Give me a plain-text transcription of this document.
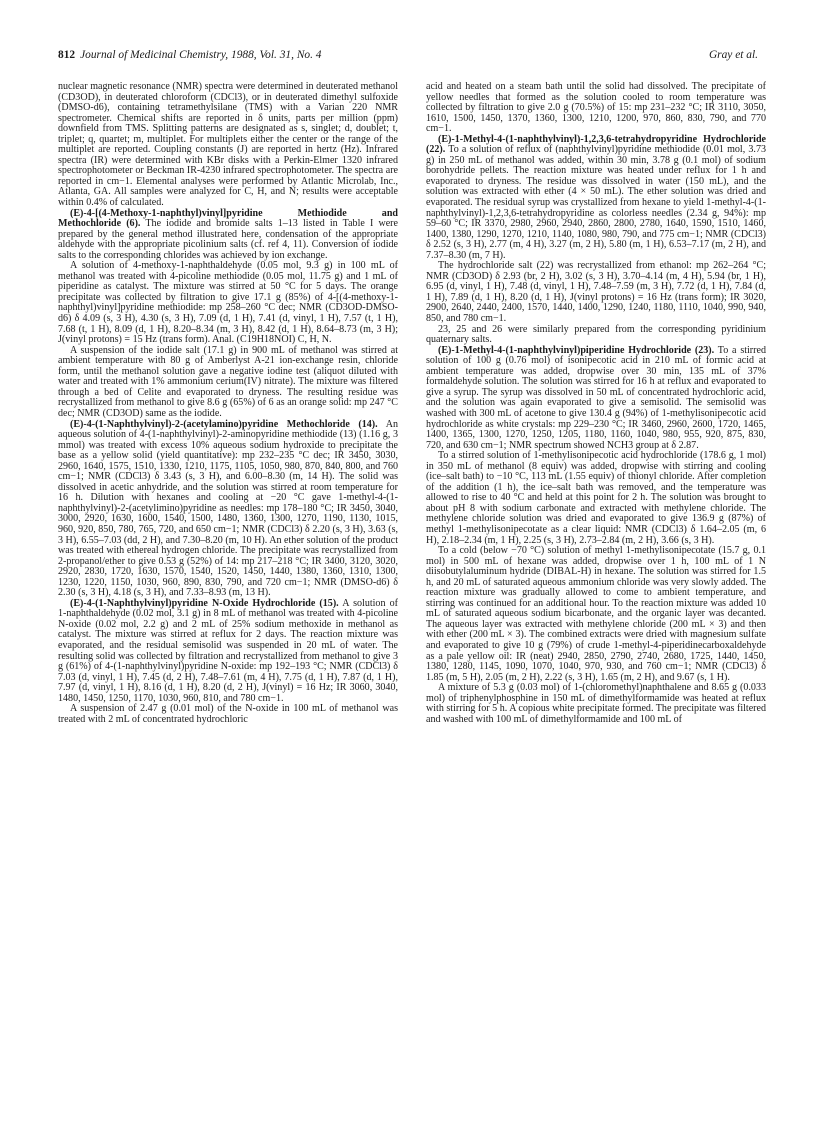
812 Journal of Medicinal Chemistry, 1988, Vol. 31, No. 4	Gray et al.

nuclear magnetic resonance (NMR) spectra were determined in deuterated methanol (CD3OD), in deuterated chloroform (CDCl3), or in deuterated dimethyl sulfoxide (DMSO-d6), containing tetramethylsilane (TMS) with a Varian 220 NMR spectrometer. Chemical shifts are reported in δ units, parts per million (ppm) downfield from TMS. Splitting patterns are designated as s, singlet; d, doublet; t, triplet; q, quartet; m, multiplet. For multiplets either the center or the range of the multiplet are reported. Coupling constants (J) are reported in hertz (Hz). Infrared spectra (IR) were determined with KBr disks with a Perkin-Elmer 1320 infrared spectrophotometer or Beckman IR-4230 infrared spectrophotometer. The spectra are reported in cm−1. Elemental analyses were performed by Atlantic Microlab, Inc., Atlanta, GA. All samples were analyzed for C, H, and N; results were acceptable within 0.4% of calculated.

(E)-4-[(4-Methoxy-1-naphthyl)vinyl]pyridine Methiodide and Methochloride (6). The iodide and bromide salts 1–13 listed in Table I were prepared by the general method illustrated here, condensation of the appropriate aldehyde with the appropriate picolinium salts (cf. ref 4, 11). Conversion of iodide salts to the corresponding chlorides was achieved by ion exchange.

A solution of 4-methoxy-1-naphthaldehyde (0.05 mol, 9.3 g) in 100 mL of methanol was treated with 4-picoline methiodide (0.05 mol, 11.75 g) and 1 mL of piperidine as catalyst. The mixture was stirred at 50 °C for 5 days. The orange precipitate was collected by filtration to give 17.1 g (85%) of 4-[(4-methoxy-1-naphthyl)vinyl]pyridine methiodide: mp 258–260 °C dec; NMR (CD3OD-DMSO-d6) δ 4.09 (s, 3 H), 4.30 (s, 3 H), 7.09 (d, 1 H), 7.41 (d, vinyl, 1 H), 7.57 (t, 1 H), 7.68 (t, 1 H), 8.09 (d, 1 H), 8.20–8.34 (m, 3 H), 8.42 (d, 1 H), 8.64–8.73 (m, 3 H); J(vinyl protons) = 15 Hz (trans form). Anal. (C19H18NOI) C, H, N.

A suspension of the iodide salt (17.1 g) in 900 mL of methanol was stirred at ambient temperature with 80 g of Amberlyst A-21 ion-exchange resin, chloride form, until the methanol solution gave a negative iodine test (aliquot diluted with water and treated with 1% ammonium cerium(IV) nitrate). The mixture was filtered through a bed of Celite and evaporated to dryness. The resulting residue was recrystallized from methanol to give 8.6 g (65%) of 6 as an orange solid: mp 247 °C dec; NMR (CD3OD) same as the iodide.

(E)-4-(1-Naphthylvinyl)-2-(acetylamino)pyridine Methochloride (14). An aqueous solution of 4-(1-naphthylvinyl)-2-aminopyridine methiodide (13) (1.16 g, 3 mmol) was treated with excess 10% aqueous sodium hydroxide to precipitate the base as a yellow solid (yield quantitative): mp 232–235 °C dec; IR 3450, 3030, 2960, 1640, 1575, 1510, 1330, 1210, 1175, 1105, 1050, 980, 870, 840, 800, and 760 cm−1; NMR (CDCl3) δ 3.43 (s, 3 H), and 6.00–8.30 (m, 14 H). The solid was dissolved in acetic anhydride, and the solution was stirred at room temperature for 16 h. Dilution with hexanes and cooling at −20 °C gave 1-methyl-4-(1-naphthylvinyl)-2-(acetylimino)pyridine as needles: mp 178–180 °C; IR 3450, 3040, 3000, 2920, 1630, 1600, 1540, 1500, 1480, 1360, 1300, 1270, 1190, 1130, 1015, 960, 920, 850, 780, 765, 720, and 650 cm−1; NMR (CDCl3) δ 2.20 (s, 3 H), 3.63 (s, 3 H), 6.55–7.03 (dd, 2 H), and 7.30–8.20 (m, 10 H). An ether solution of the product was treated with ethereal hydrogen chloride. The precipitate was recrystallized from 2-propanol/ether to give 0.53 g (52%) of 14: mp 217–218 °C; IR 3400, 3120, 3020, 2920, 2830, 1720, 1630, 1570, 1540, 1520, 1450, 1440, 1380, 1360, 1310, 1300, 1230, 1220, 1150, 1030, 960, 890, 830, 790, and 720 cm−1; NMR (DMSO-d6) δ 2.30 (s, 3 H), 4.18 (s, 3 H), and 7.33–8.93 (m, 13 H).

(E)-4-(1-Naphthylvinyl)pyridine N-Oxide Hydrochloride (15). A solution of 1-naphthaldehyde (0.02 mol, 3.1 g) in 8 mL of methanol was treated with 4-picoline N-oxide (0.02 mol, 2.2 g) and 2 mL of 25% sodium methoxide in methanol as catalyst. The mixture was stirred at reflux for 2 days. The reaction mixture was evaporated, and the residual semisolid was suspended in 20 mL of water. The resulting solid was collected by filtration and recrystallized from methanol to give 3 g (61%) of 4-(1-naphthylvinyl)pyridine N-oxide: mp 192–193 °C; NMR (CDCl3) δ 7.03 (d, vinyl, 1 H), 7.45 (d, 2 H), 7.48–7.61 (m, 4 H), 7.75 (d, 1 H), 7.87 (d, 1 H), 7.97 (d, vinyl, 1 H), 8.16 (d, 1 H), 8.20 (d, 2 H), J(vinyl) = 16 Hz; IR 3060, 3040, 1480, 1450, 1250, 1170, 1030, 960, 810, and 780 cm−1.

A suspension of 2.47 g (0.01 mol) of the N-oxide in 100 mL of methanol was treated with 2 mL of concentrated hydrochloric

acid and heated on a steam bath until the solid had dissolved. The precipitate of yellow needles that formed as the solution cooled to room temperature was collected by filtration to give 2.0 g (70.5%) of 15: mp 231–232 °C; IR 3110, 3050, 1610, 1500, 1450, 1370, 1360, 1300, 1210, 1200, 970, 860, 830, 790, and 770 cm−1.

(E)-1-Methyl-4-(1-naphthylvinyl)-1,2,3,6-tetrahydropyridine Hydrochloride (22). To a solution of reflux of (naphthylvinyl)pyridine methiodide (0.01 mol, 3.73 g) in 250 mL of methanol was added, within 30 min, 3.78 g (0.1 mol) of sodium borohydride pellets. The reaction mixture was heated under reflux for 1 h and evaporated to dryness. The residue was dissolved in water (150 mL), and the solution was extracted with ether (4 × 50 mL). The ether solution was dried and evaporated. The residual syrup was crystallized from hexane to yield 1-methyl-4-(1-naphthylvinyl)-1,2,3,6-tetrahydropyridine as colorless needles (2.34 g, 94%): mp 59–60 °C; IR 3370, 2980, 2960, 2940, 2860, 2800, 2780, 1640, 1590, 1510, 1460, 1400, 1380, 1290, 1270, 1210, 1140, 1080, 980, 790, and 775 cm−1; NMR (CDCl3) δ 2.52 (s, 3 H), 2.77 (m, 4 H), 3.27 (m, 2 H), 5.80 (m, 1 H), 6.53–7.17 (m, 2 H), and 7.37–8.30 (m, 7 H).

The hydrochloride salt (22) was recrystallized from ethanol: mp 262–264 °C; NMR (CD3OD) δ 2.93 (br, 2 H), 3.02 (s, 3 H), 3.70–4.14 (m, 4 H), 5.94 (br, 1 H), 6.95 (d, vinyl, 1 H), 7.48 (d, vinyl, 1 H), 7.48–7.59 (m, 3 H), 7.72 (d, 1 H), 7.84 (d, 1 H), 7.89 (d, 1 H), 8.20 (d, 1 H), J(vinyl protons) = 16 Hz (trans form); IR 3020, 2900, 2640, 2440, 2400, 1570, 1440, 1400, 1290, 1240, 1180, 1110, 1040, 990, 940, 850, and 780 cm−1.

23, 25 and 26 were similarly prepared from the corresponding pyridinium quaternary salts.

(E)-1-Methyl-4-(1-naphthylvinyl)piperidine Hydrochloride (23). To a stirred solution of 100 g (0.76 mol) of isonipecotic acid in 210 mL of formic acid at ambient temperature was added, dropwise over 30 min, 135 mL of 37% formaldehyde solution. The solution was stirred for 16 h at reflux and evaporated to give a syrup. The syrup was dissolved in 50 mL of concentrated hydrochloric acid, and the solution was again evaporated to give a semisolid. The semisolid was washed with 300 mL of acetone to give 130.4 g (94%) of 1-methylisonipecotic acid hydrochloride as white crystals: mp 229–230 °C; IR 3460, 2960, 2600, 1720, 1465, 1400, 1365, 1300, 1270, 1250, 1205, 1180, 1160, 1040, 980, 955, 920, 875, 830, 720, and 630 cm−1; NMR spectrum showed NCH3 group at δ 2.87.

To a stirred solution of 1-methylisonipecotic acid hydrochloride (178.6 g, 1 mol) in 350 mL of methanol (8 equiv) was added, dropwise with stirring and cooling (ice–salt bath) to −10 °C, 113 mL (1.55 equiv) of thionyl chloride. After completion of the addition (1 h), the ice–salt bath was removed, and the temperature was allowed to rise to 40 °C and held at this point for 2 h. The solution was brought to about pH 8 with sodium carbonate and extracted with methylene chloride. The methylene chloride solution was dried and evaporated to give 136.9 g (87%) of methyl 1-methylisonipecotate as a clear liquid: NMR (CDCl3) δ 1.64–2.05 (m, 6 H), 2.18–2.34 (m, 1 H), 2.25 (s, 3 H), 2.73–2.84 (m, 2 H), 3.66 (s, 3 H).

To a cold (below −70 °C) solution of methyl 1-methylisonipecotate (15.7 g, 0.1 mol) in 500 mL of hexane was added, dropwise over 1 h, 100 mL of 1 N diisobutylaluminum hydride (DIBAL-H) in hexane. The solution was stirred for 1.5 h, and 20 mL of saturated aqueous ammonium chloride was very slowly added. The reaction mixture was gradually allowed to come to ambient temperature, and stirring was continued for an additional hour. To the reaction mixture was added 10 mL of saturated aqueous sodium bicarbonate, and the organic layer was decanted. The aqueous layer was extracted with methylene chloride (200 mL × 3) and then with ether (200 mL × 3). The combined extracts were dried with magnesium sulfate and evaporated to give 10 g (79%) of crude 1-methyl-4-piperidinecarboxaldehyde as a pale yellow oil: IR (neat) 2940, 2850, 2790, 2740, 2680, 1725, 1440, 1450, 1380, 1280, 1145, 1090, 1070, 1040, 970, 930, and 760 cm−1; NMR (CDCl3) δ 1.85 (m, 5 H), 2.05 (m, 2 H), 2.22 (s, 3 H), 1.65 (m, 2 H), and 9.67 (s, 1 H).

A mixture of 5.3 g (0.03 mol) of 1-(chloromethyl)naphthalene and 8.65 g (0.033 mol) of triphenylphosphine in 150 mL of dimethylformamide was heated at reflux with stirring for 5 h. A copious white precipitate formed. The precipitate was filtered and washed with 100 mL of dimethylformamide and 100 mL of
